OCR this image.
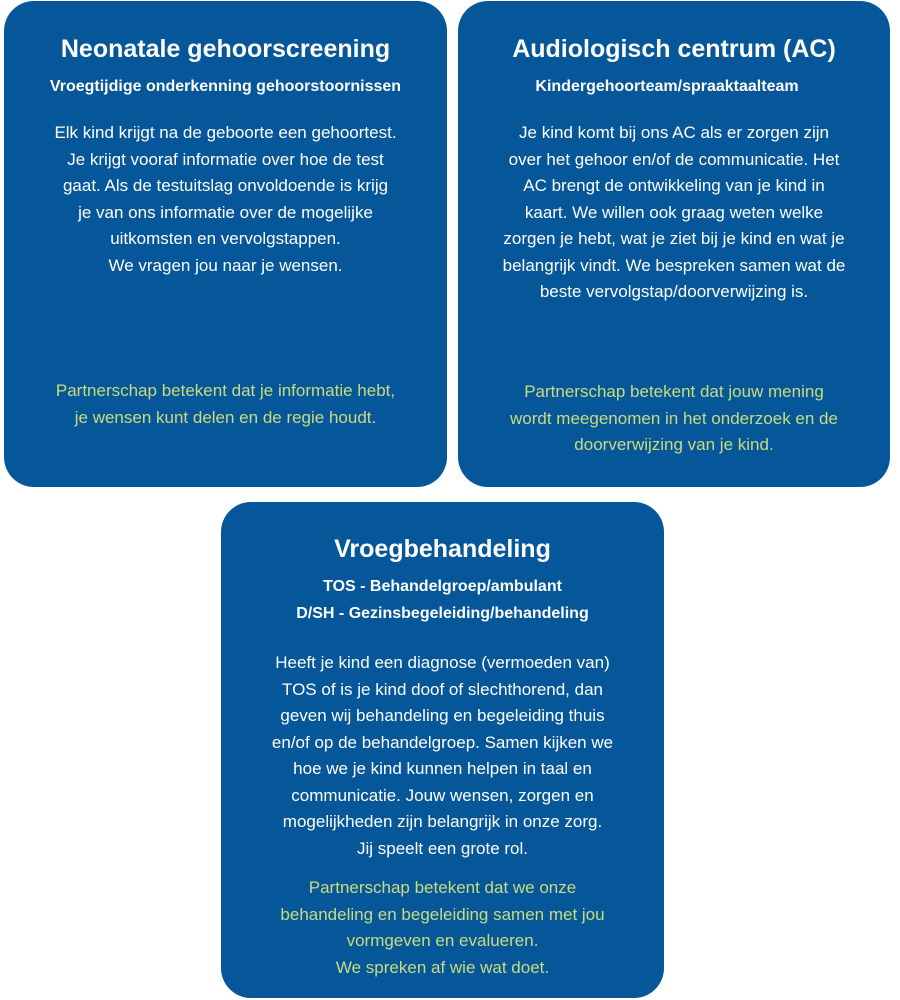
Neonatale gehoorscreening
Vroegtijdige onderkenning gehoorstoornissen
Elk kind krijgt na de geboorte een gehoortest.
Je krijgt vooraf informatie over hoe de test
gaat. Als de testuitslag onvoldoende is krijg
je van ons informatie over de mogelijke
uitkomsten en vervolgstappen.
We vragen jou naar je wensen.
Partnerschap betekent dat je informatie hebt,
je wensen kunt delen en de regie houdt.
Audiologisch centrum (AC)
Kindergehoorteam/spraaktaalteam
Je kind komt bij ons AC als er zorgen zijn
over het gehoor en/of de communicatie. Het
AC brengt de ontwikkeling van je kind in
kaart. We willen ook graag weten welke
zorgen je hebt, wat je ziet bij je kind en wat je
belangrijk vindt. We bespreken samen wat de
beste vervolgstap/doorverwijzing is.
Partnerschap betekent dat jouw mening
wordt meegenomen in het onderzoek en de
doorverwijzing van je kind.
Vroegbehandeling
TOS - Behandelgroep/ambulant
D/SH - Gezinsbegeleiding/behandeling
Heeft je kind een diagnose (vermoeden van)
TOS of is je kind doof of slechthorend, dan
geven wij behandeling en begeleiding thuis
en/of op de behandelgroep. Samen kijken we
hoe we je kind kunnen helpen in taal en
communicatie. Jouw wensen, zorgen en
mogelijkheden zijn belangrijk in onze zorg.
Jij speelt een grote rol.
Partnerschap betekent dat we onze
behandeling en begeleiding samen met jou
vormgeven en evalueren.
We spreken af wie wat doet.
